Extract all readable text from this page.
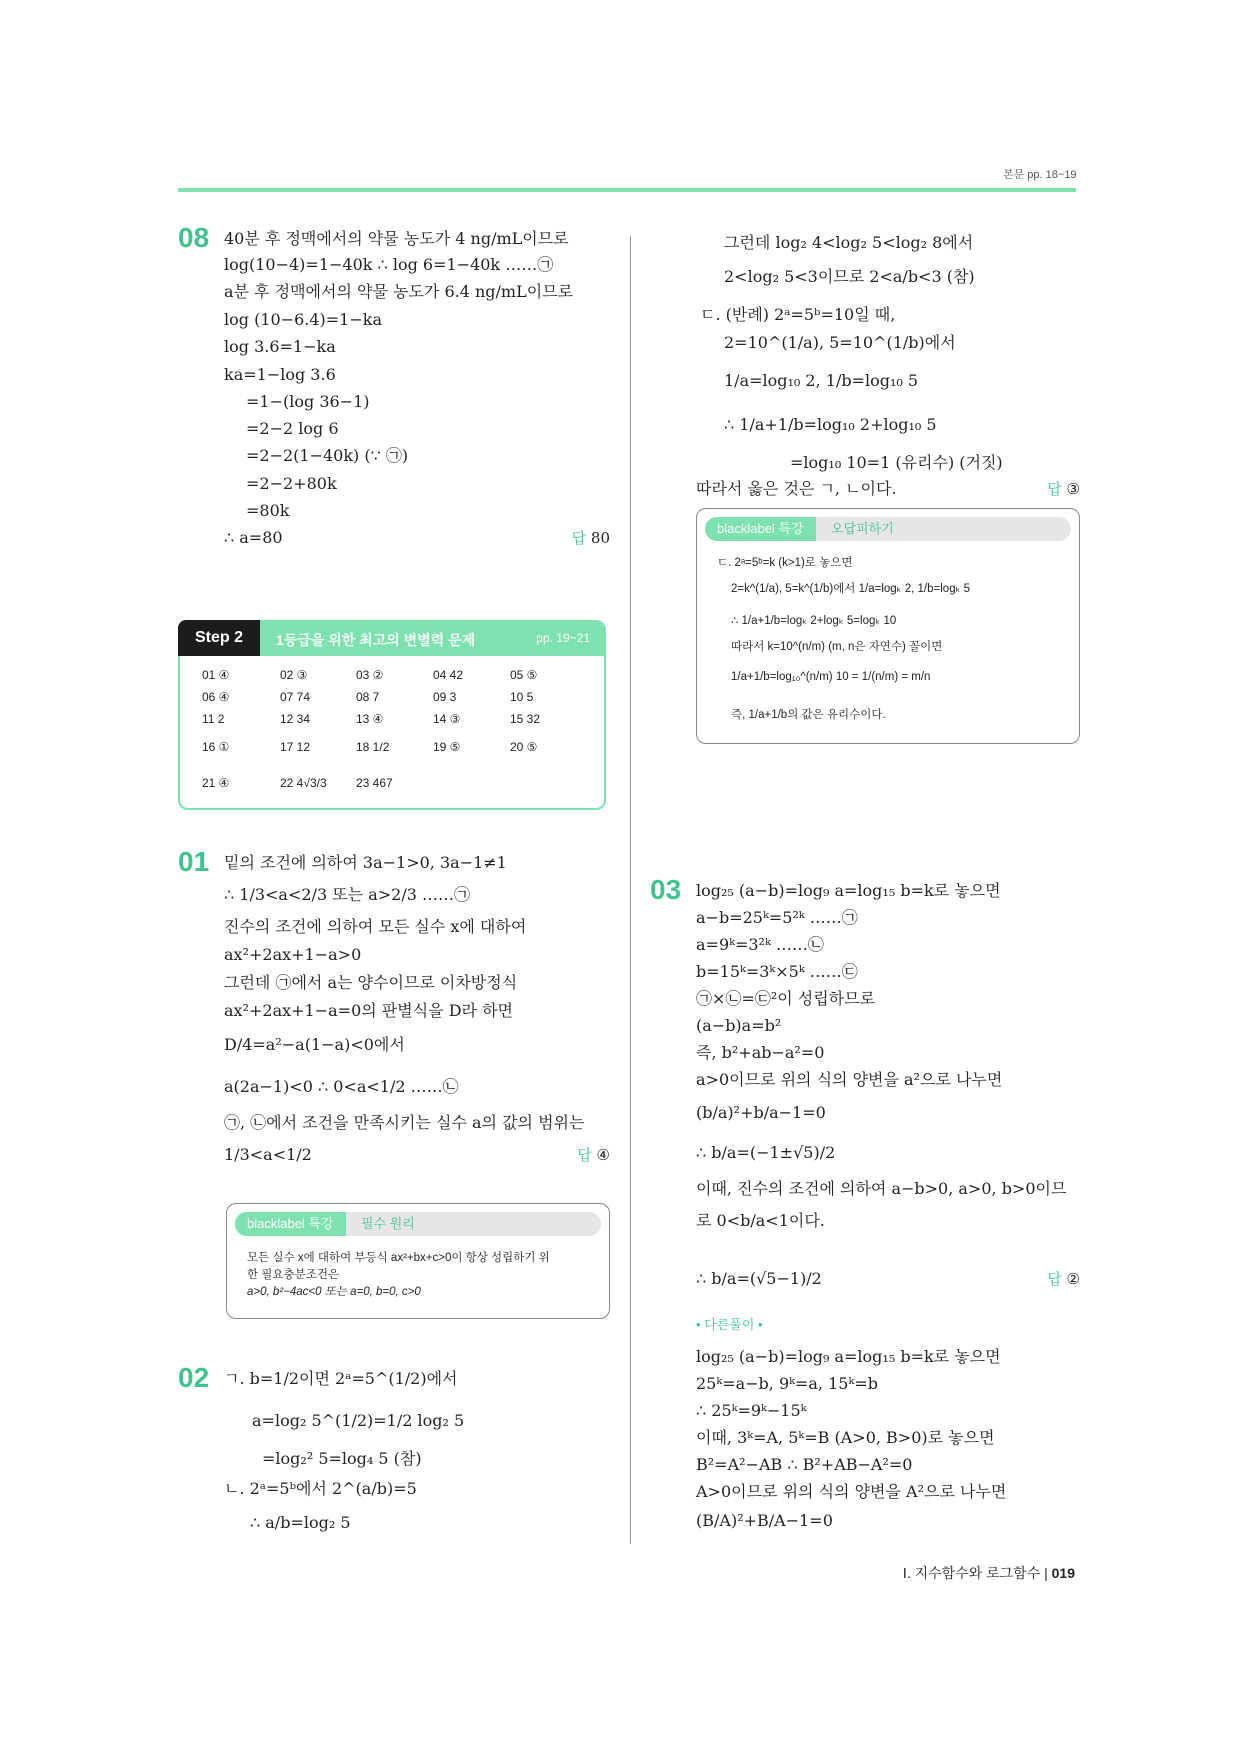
본문 pp. 18~19
08 40분 후 정맥에서의 약물 농도가 4 ng/mL이므로
log(10−4)=1−40k ∴ log 6=1−40k ……㉠
a분 후 정맥에서의 약물 농도가 6.4 ng/mL이므로
log (10−6.4)=1−ka
log 3.6=1−ka
ka=1−log 3.6
=1−(log 36−1)
=2−2 log 6
=2−2(1−40k) (∵ ㉠)
=2−2+80k
=80k
∴ a=80	답 80
Step 2	1등급을 위한 최고의 변별력 문제	pp. 19~21
01 ④	02 ③	03 ②	04 42	05 ⑤
06 ④	07 74	08 7	09 3	10 5
11 2	12 34	13 ④	14 ③	15 32
16 ①	17 12	18 1/2	19 ⑤	20 ⑤
21 ④	22 4√3/3 23 467
01 밑의 조건에 의하여 3a−1>0, 3a−1≠1
∴ 1/3<a<2/3 또는 a>2/3 ……㉠
진수의 조건에 의하여 모든 실수 x에 대하여
ax²+2ax+1−a>0
그런데 ㉠에서 a는 양수이므로 이차방정식
ax²+2ax+1−a=0의 판별식을 D라 하면
D/4=a²−a(1−a)<0에서
a(2a−1)<0 ∴ 0<a<1/2 ……㉡
㉠, ㉡에서 조건을 만족시키는 실수 a의 값의 범위는
1/3<a<1/2	답 ④
blacklabel 특강	필수 원리
모든 실수 x에 대하여 부등식 ax²+bx+c>0이 항상 성립하기 위
한 필요충분조건은
a>0, b²−4ac<0 또는 a=0, b=0, c>0
02 ㄱ. b=1/2이면 2ᵃ=5^(1/2)에서
a=log₂ 5^(1/2)=1/2 log₂ 5
=log₂² 5=log₄ 5 (참)
ㄴ. 2ᵃ=5ᵇ에서 2^(a/b)=5
∴ a/b=log₂ 5
그런데 log₂ 4<log₂ 5<log₂ 8에서
2<log₂ 5<3이므로 2<a/b<3 (참)
ㄷ. (반례) 2ᵃ=5ᵇ=10일 때,
2=10^(1/a), 5=10^(1/b)에서
1/a=log₁₀ 2, 1/b=log₁₀ 5
∴ 1/a+1/b=log₁₀ 2+log₁₀ 5
=log₁₀ 10=1 (유리수) (거짓)
따라서 옳은 것은 ㄱ, ㄴ이다.	답 ③
blacklabel 특강	오답피하기
ㄷ. 2ᵃ=5ᵇ=k (k>1)로 놓으면
2=k^(1/a), 5=k^(1/b)에서 1/a=logₖ 2, 1/b=logₖ 5
∴ 1/a+1/b=logₖ 2+logₖ 5=logₖ 10
따라서 k=10^(n/m) (m, n은 자연수) 꼴이면
1/a+1/b=log₁₀^(n/m) 10 = 1/(n/m) = m/n
즉, 1/a+1/b의 값은 유리수이다.
03 log₂₅ (a−b)=log₉ a=log₁₅ b=k로 놓으면
a−b=25ᵏ=5²ᵏ ……㉠
a=9ᵏ=3²ᵏ ……㉡
b=15ᵏ=3ᵏ×5ᵏ ……㉢
㉠×㉡=㉢²이 성립하므로
(a−b)a=b²
즉, b²+ab−a²=0
a>0이므로 위의 식의 양변을 a²으로 나누면
(b/a)²+b/a−1=0
∴ b/a=(−1±√5)/2
이때, 진수의 조건에 의하여 a−b>0, a>0, b>0이므
로 0<b/a<1이다.
∴ b/a=(√5−1)/2	답 ②
• 다른풀이 •
log₂₅ (a−b)=log₉ a=log₁₅ b=k로 놓으면
25ᵏ=a−b, 9ᵏ=a, 15ᵏ=b
∴ 25ᵏ=9ᵏ−15ᵏ
이때, 3ᵏ=A, 5ᵏ=B (A>0, B>0)로 놓으면
B²=A²−AB ∴ B²+AB−A²=0
A>0이므로 위의 식의 양변을 A²으로 나누면
(B/A)²+B/A−1=0
Ⅰ. 지수함수와 로그함수 | 019
